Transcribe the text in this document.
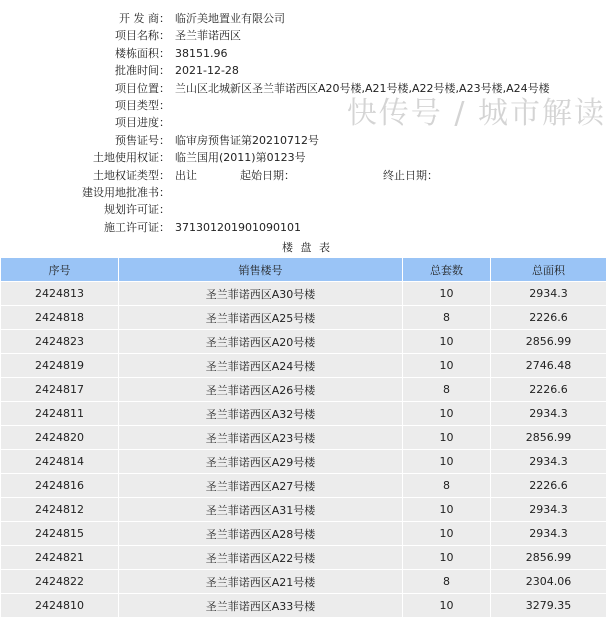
开 发 商： 临沂美地置业有限公司
项目名称： 圣兰菲诺西区
楼栋面积： 38151.96
批准时间： 2021-12-28
项目位置： 兰山区北城新区圣兰菲诺西区A20号楼,A21号楼,A22号楼,A23号楼,A24号楼
项目类型：
项目进度：
预售证号： 临审房预售证第20210712号
土地使用权证： 临兰国用(2011)第0123号
土地权证类型： 出让	起始日期：	终止日期：
建设用地批准书：
规划许可证：
施工许可证： 371301201901090101
楼 盘 表
序号	销售楼号	总套数	总面积
2424813	圣兰菲诺西区A30号楼	10	2934.3
2424818	圣兰菲诺西区A25号楼	8	2226.6
2424823	圣兰菲诺西区A20号楼	10	2856.99
2424819	圣兰菲诺西区A24号楼	10	2746.48
2424817	圣兰菲诺西区A26号楼	8	2226.6
2424811	圣兰菲诺西区A32号楼	10	2934.3
2424820	圣兰菲诺西区A23号楼	10	2856.99
2424814	圣兰菲诺西区A29号楼	10	2934.3
2424816	圣兰菲诺西区A27号楼	8	2226.6
2424812	圣兰菲诺西区A31号楼	10	2934.3
2424815	圣兰菲诺西区A28号楼	10	2934.3
2424821	圣兰菲诺西区A22号楼	10	2856.99
2424822	圣兰菲诺西区A21号楼	8	2304.06
2424810	圣兰菲诺西区A33号楼	10	3279.35
快传号 / 城市解读
